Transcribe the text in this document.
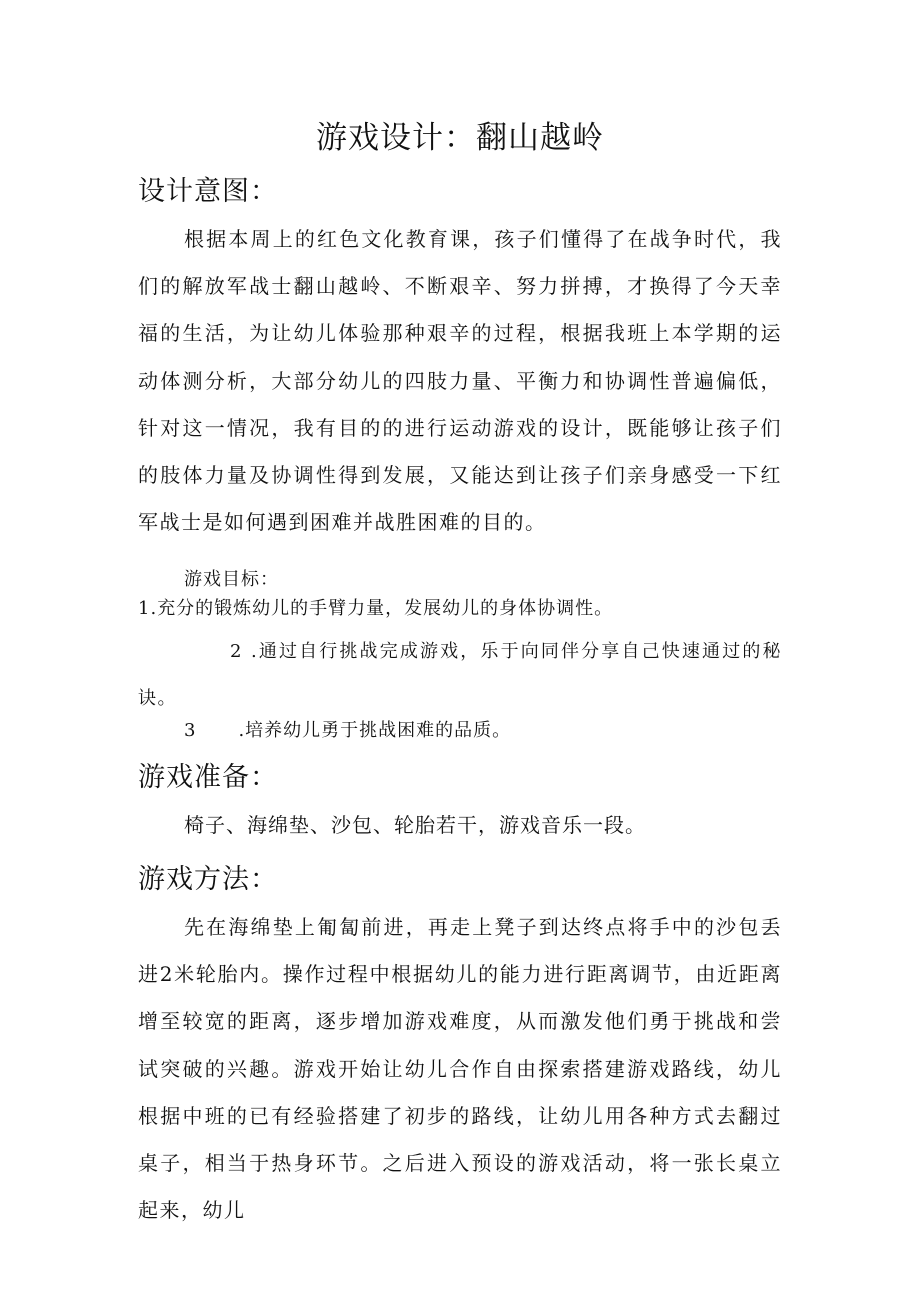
游戏设计：翻山越岭
设计意图：

根据本周上的红色文化教育课，孩子们懂得了在战争时代，我们的解放军战士翻山越岭、不断艰辛、努力拼搏，才换得了今天幸福的生活，为让幼儿体验那种艰辛的过程，根据我班上本学期的运动体测分析，大部分幼儿的四肢力量、平衡力和协调性普遍偏低，针对这一情况，我有目的的进行运动游戏的设计，既能够让孩子们的肢体力量及协调性得到发展，又能达到让孩子们亲身感受一下红军战士是如何遇到困难并战胜困难的目的。

游戏目标：
1.充分的锻炼幼儿的手臂力量，发展幼儿的身体协调性。

2 .通过自行挑战完成游戏，乐于向同伴分享自己快速通过的秘诀。

3 .培养幼儿勇于挑战困难的品质。
游戏准备：
椅子、海绵垫、沙包、轮胎若干，游戏音乐一段。
游戏方法：

先在海绵垫上匍匐前进，再走上凳子到达终点将手中的沙包丢进2米轮胎内。操作过程中根据幼儿的能力进行距离调节，由近距离增至较宽的距离，逐步增加游戏难度，从而激发他们勇于挑战和尝试突破的兴趣。游戏开始让幼儿合作自由探索搭建游戏路线，幼儿根据中班的已有经验搭建了初步的路线，让幼儿用各种方式去翻过桌子，相当于热身环节。之后进入预设的游戏活动，将一张长桌立起来，幼儿
